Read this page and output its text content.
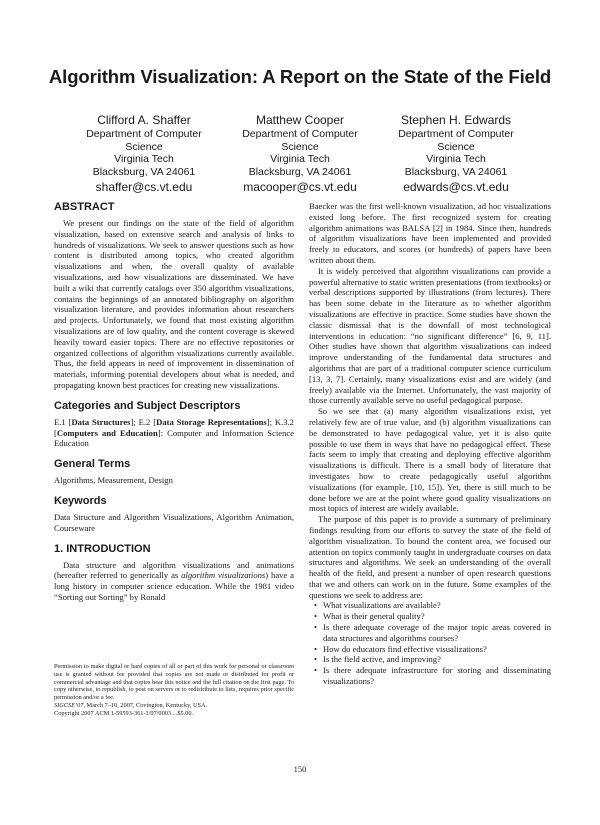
Algorithm Visualization: A Report on the State of the Field
Clifford A. Shaffer
Department of Computer
Science
Virginia Tech
Blacksburg, VA 24061
shaffer@cs.vt.edu
Matthew Cooper
Department of Computer
Science
Virginia Tech
Blacksburg, VA 24061
macooper@cs.vt.edu
Stephen H. Edwards
Department of Computer
Science
Virginia Tech
Blacksburg, VA 24061
edwards@cs.vt.edu
ABSTRACT

We present our findings on the state of the field of algorithm visualization, based on extensive search and analysis of links to hundreds of visualizations. We seek to answer questions such as how content is distributed among topics, who created algorithm visualizations and when, the overall quality of available visualizations, and how visualizations are disseminated. We have built a wiki that currently catalogs over 350 algorithm visualizations, contains the beginnings of an annotated bibliography on algorithm visualization literature, and provides information about researchers and projects. Unfortunately, we found that most existing algorithm visualizations are of low quality, and the content coverage is skewed heavily toward easier topics. There are no effective repositories or organized collections of algorithm visualizations currently available. Thus, the field appears in need of improvement in dissemination of materials, informing potential developers about what is needed, and propagating known best practices for creating new visualizations.

Categories and Subject Descriptors

E.1 [Data Structures]; E.2 [Data Storage Representations]; K.3.2 [Computers and Education]: Computer and Information Science Education

General Terms

Algorithms, Measurement, Design

Keywords

Data Structure and Algorithm Visualizations, Algorithm Animation, Courseware

1. INTRODUCTION

Data structure and algorithm visualizations and animations (hereafter referred to generically as algorithm visualizations) have a long history in computer science education. While the 1981 video “Sorting out Sorting” by Ronald

Baecker was the first well-known visualization, ad hoc visualizations existed long before. The first recognized system for creating algorithm animations was BALSA [2] in 1984. Since then, hundreds of algorithm visualizations have been implemented and provided freely to educators, and scores (or hundreds) of papers have been written about them.

It is widely perceived that algorithm visualizations can provide a powerful alternative to static written presentations (from textbooks) or verbal descriptions supported by illustrations (from lectures). There has been some debate in the literature as to whether algorithm visualizations are effective in practice. Some studies have shown the classic dismissal that is the downfall of most technological interventions in education: “no significant difference” [6, 9, 11]. Other studies have shown that algorithm visualizations can indeed improve understanding of the fundamental data structures and algorithms that are part of a traditional computer science curriculum [13, 3, 7]. Certainly, many visualizations exist and are widely (and freely) available via the Internet. Unfortunately, the vast majority of those currently available serve no useful pedagogical purpose.

So we see that (a) many algorithm visualizations exist, yet relatively few are of true value, and (b) algorithm visualizations can be demonstrated to have pedagogical value, yet it is also quite possible to use them in ways that have no pedagogical effect. These facts seem to imply that creating and deploying effective algorithm visualizations is difficult. There is a small body of literature that investigates how to create pedagogically useful algorithm visualizations (for example, [10, 15]). Yet, there is still much to be done before we are at the point where good quality visualizations on most topics of interest are widely available.

The purpose of this paper is to provide a summary of preliminary findings resulting from our efforts to survey the state of the field of algorithm visualization. To bound the content area, we focused our attention on topics commonly taught in undergraduate courses on data structures and algorithms. We seek an understanding of the overall health of the field, and present a number of open research questions that we and others can work on in the future. Some examples of the questions we seek to address are:

• What visualizations are available?
• What is their general quality?
• Is there adequate coverage of the major topic areas covered in data structures and algorithms courses?
• How do educators find effective visualizations?
• Is the field active, and improving?
• Is there adequate infrastructure for storing and disseminating visualizations?
Permission to make digital or hard copies of all or part of this work for personal or classroom use is granted without fee provided that copies are not made or distributed for profit or commercial advantage and that copies bear this notice and the full citation on the first page. To copy otherwise, to republish, to post on servers or to redistribute to lists, requires prior specific permission and/or a fee.
SIGCSE’07, March 7–10, 2007, Covington, Kentucky, USA.
Copyright 2007 ACM 1-59593-361-1/07/0003 ...$5.00.
150
